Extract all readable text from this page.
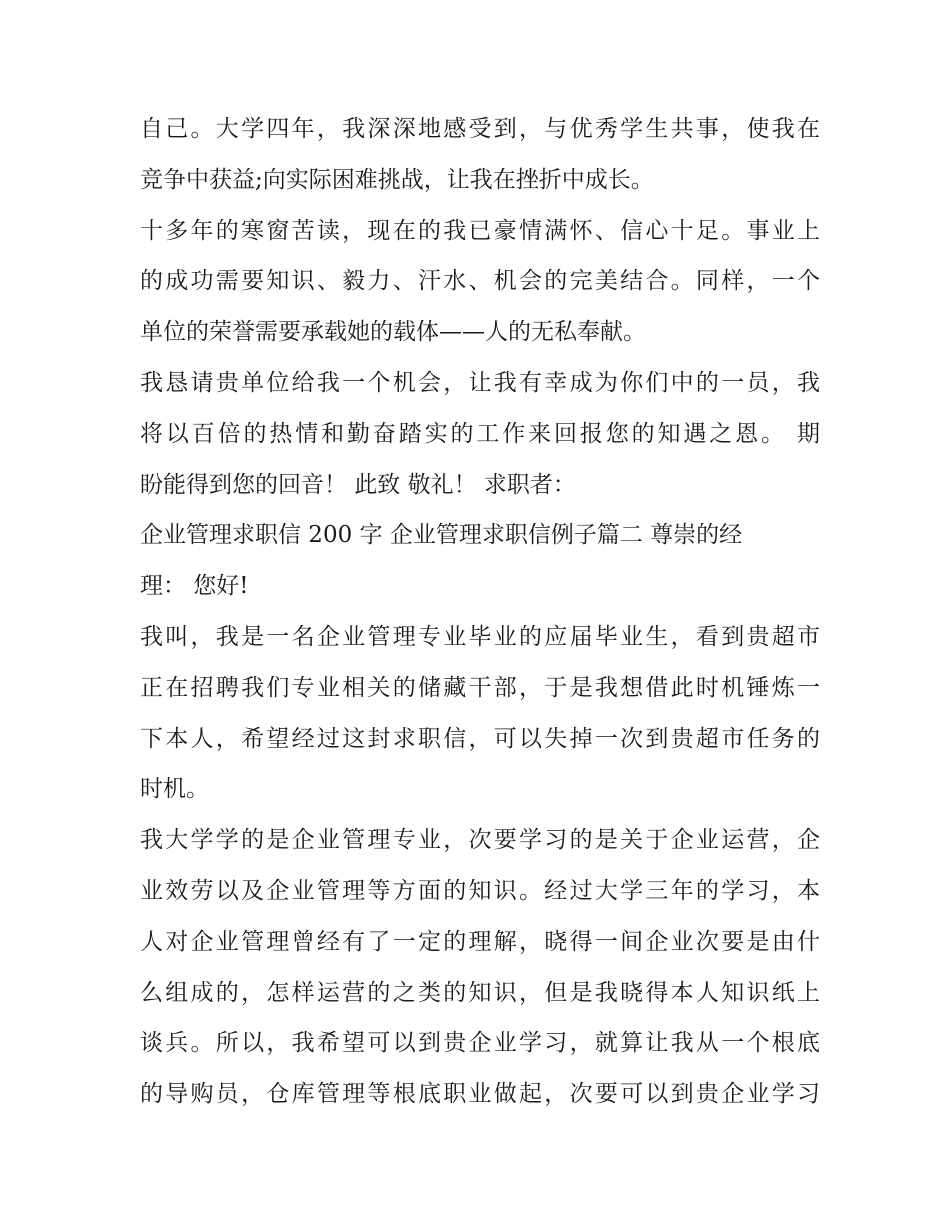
自己。大学四年，我深深地感受到，与优秀学生共事，使我在
竞争中获益;向实际困难挑战，让我在挫折中成长。
十多年的寒窗苦读，现在的我已豪情满怀、信心十足。事业上
的成功需要知识、毅力、汗水、机会的完美结合。同样，一个
单位的荣誉需要承载她的载体——人的无私奉献。
我恳请贵单位给我一个机会，让我有幸成为你们中的一员，我
将以百倍的热情和勤奋踏实的工作来回报您的知遇之恩。 期
盼能得到您的回音！ 此致 敬礼！ 求职者：
企业管理求职信 200 字 企业管理求职信例子篇二 尊崇的经
理： 您好!
我叫，我是一名企业管理专业毕业的应届毕业生，看到贵超市
正在招聘我们专业相关的储藏干部，于是我想借此时机锤炼一
下本人，希望经过这封求职信，可以失掉一次到贵超市任务的
时机。
我大学学的是企业管理专业，次要学习的是关于企业运营，企
业效劳以及企业管理等方面的知识。经过大学三年的学习，本
人对企业管理曾经有了一定的理解，晓得一间企业次要是由什
么组成的，怎样运营的之类的知识，但是我晓得本人知识纸上
谈兵。所以，我希望可以到贵企业学习，就算让我从一个根底
的导购员，仓库管理等根底职业做起，次要可以到贵企业学习
